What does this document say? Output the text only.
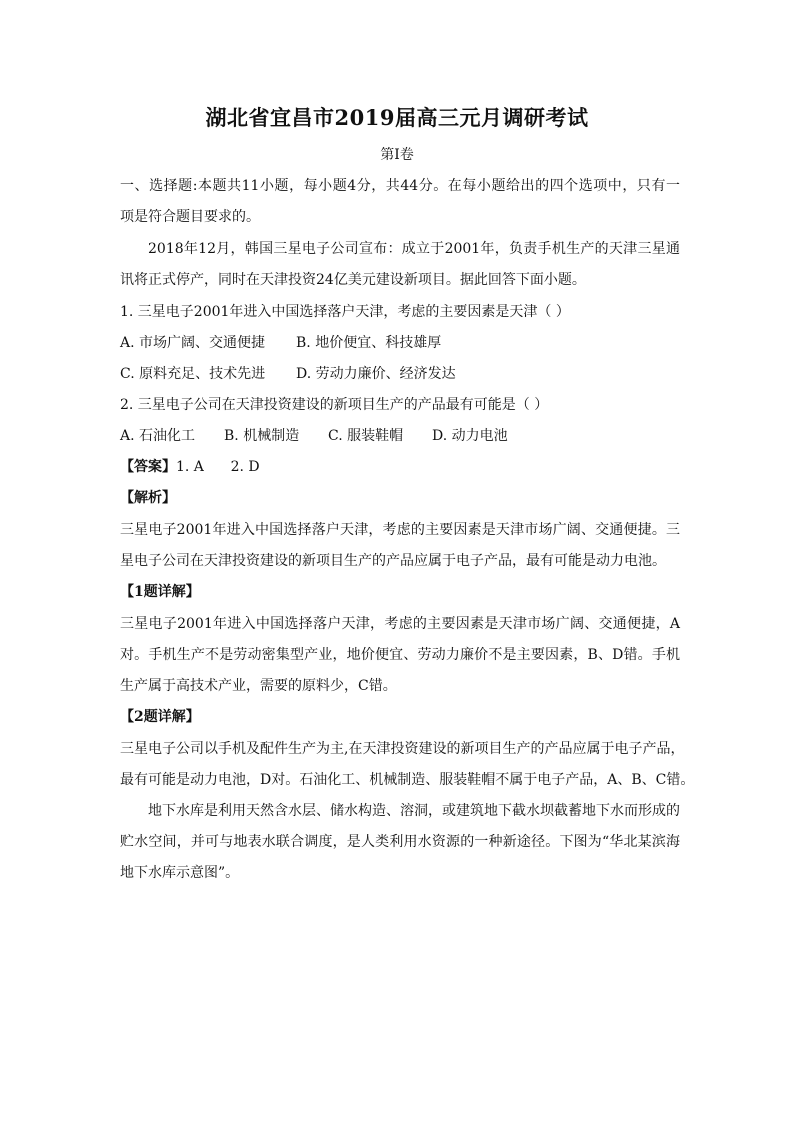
湖北省宜昌市2019届高三元月调研考试
第I卷
一、选择题:本题共11小题，每小题4分，共44分。在每小题给出的四个选项中，只有一
项是符合题目要求的。
2018年12月，韩国三星电子公司宣布：成立于2001年，负责手机生产的天津三星通
讯将正式停产，同时在天津投资24亿美元建设新项目。据此回答下面小题。
1. 三星电子2001年进入中国选择落户天津，考虑的主要因素是天津（ ）
A. 市场广阔、交通便捷 B. 地价便宜、科技雄厚
C. 原料充足、技术先进 D. 劳动力廉价、经济发达
2. 三星电子公司在天津投资建设的新项目生产的产品最有可能是（ ）
A. 石油化工 B. 机械制造 C. 服装鞋帽 D. 动力电池
【答案】1. A      2. D
【解析】
三星电子2001年进入中国选择落户天津，考虑的主要因素是天津市场广阔、交通便捷。三
星电子公司在天津投资建设的新项目生产的产品应属于电子产品，最有可能是动力电池。
【1题详解】
三星电子2001年进入中国选择落户天津，考虑的主要因素是天津市场广阔、交通便捷，A
对。手机生产不是劳动密集型产业，地价便宜、劳动力廉价不是主要因素，B、D错。手机
生产属于高技术产业，需要的原料少，C错。
【2题详解】
三星电子公司以手机及配件生产为主,在天津投资建设的新项目生产的产品应属于电子产品，
最有可能是动力电池，D对。石油化工、机械制造、服装鞋帽不属于电子产品，A、B、C错。
地下水库是利用天然含水层、储水构造、溶洞，或建筑地下截水坝截蓄地下水而形成的
贮水空间，并可与地表水联合调度，是人类利用水资源的一种新途径。下图为“华北某滨海
地下水库示意图”。
